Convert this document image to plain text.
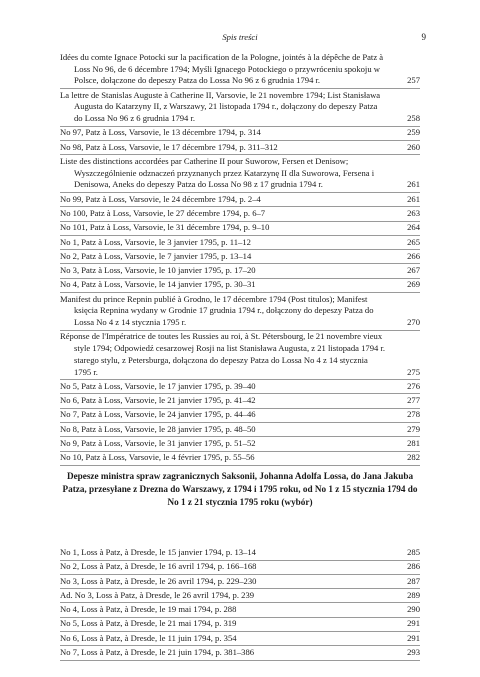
Spis treści	9
Idées du comte Ignace Potocki sur la pacification de la Pologne, jointés à la dépêche de Patz à Loss No 96, de 6 décembre 1794; Myśli Ignacego Potockiego o przywróceniu spokoju w Polsce, dołączone do depeszy Patza do Lossa No 96 z 6 grudnia 1794 r.	257
La lettre de Stanislas Auguste à Catherine II, Varsovie, le 21 novembre 1794; List Stanisława Augusta do Katarzyny II, z Warszawy, 21 listopada 1794 r., dołączony do depeszy Patza do Lossa No 96 z 6 grudnia 1794 r.	258
No 97, Patz à Loss, Varsovie, le 13 décembre 1794, p. 314	259
No 98, Patz à Loss, Varsovie, le 17 décembre 1794, p. 311–312	260
Liste des distinctions accordées par Catherine II pour Suworow, Fersen et Denisow; Wyszczególnienie odznaczeń przyznanych przez Katarzynę II dla Suworowa, Fersena i Denisowa, Aneks do depeszy Patza do Lossa No 98 z 17 grudnia 1794 r.	261
No 99, Patz à Loss, Varsovie, le 24 décembre 1794, p. 2–4	261
No 100, Patz à Loss, Varsovie, le 27 décembre 1794, p. 6–7	263
No 101, Patz à Loss, Varsovie, le 31 décembre 1794, p. 9–10	264
No 1, Patz à Loss, Varsovie, le 3 janvier 1795, p. 11–12	265
No 2, Patz à Loss, Varsovie, le 7 janvier 1795, p. 13–14	266
No 3, Patz à Loss, Varsovie, le 10 janvier 1795, p. 17–20	267
No 4, Patz à Loss, Varsovie, le 14 janvier 1795, p. 30–31	269
Manifest du prince Repnin publié à Grodno, le 17 décembre 1794 (Post titulos); Manifest księcia Repnina wydany w Grodnie 17 grudnia 1794 r., dołączony do depeszy Patza do Lossa No 4 z 14 stycznia 1795 r.	270
Réponse de l'Impératrice de toutes les Russies au roi, à St. Pétersbourg, le 21 novembre vieux style 1794; Odpowiedź cesarzowej Rosji na list Stanisława Augusta, z 21 listopada 1794 r. starego stylu, z Petersburga, dołączona do depeszy Patza do Lossa No 4 z 14 stycznia 1795 r.	275
No 5, Patz à Loss, Varsovie, le 17 janvier 1795, p. 39–40	276
No 6, Patz à Loss, Varsovie, le 21 janvier 1795, p. 41–42	277
No 7, Patz à Loss, Varsovie, le 24 janvier 1795, p. 44–46	278
No 8, Patz à Loss, Varsovie, le 28 janvier 1795, p. 48–50	279
No 9, Patz à Loss, Varsovie, le 31 janvier 1795, p. 51–52	281
No 10, Patz à Loss, Varsovie, le 4 février 1795, p. 55–56	282
Depesze ministra spraw zagranicznych Saksonii, Johanna Adolfa Lossa, do Jana Jakuba Patza, przesyłane z Drezna do Warszawy, z 1794 i 1795 roku, od No 1 z 15 stycznia 1794 do No 1 z 21 stycznia 1795 roku (wybór)
No 1, Loss à Patz, à Dresde, le 15 janvier 1794, p. 13–14	285
No 2, Loss à Patz, à Dresde, le 16 avril 1794, p. 166–168	286
No 3, Loss à Patz, à Dresde, le 26 avril 1794, p. 229–230	287
Ad. No 3, Loss à Patz, à Dresde, le 26 avril 1794, p. 239	289
No 4, Loss à Patz, à Dresde, le 19 mai 1794, p. 288	290
No 5, Loss à Patz, à Dresde, le 21 mai 1794, p. 319	291
No 6, Loss à Patz, à Dresde, le 11 juin 1794, p. 354	291
No 7, Loss à Patz, à Dresde, le 21 juin 1794, p. 381–386	293
